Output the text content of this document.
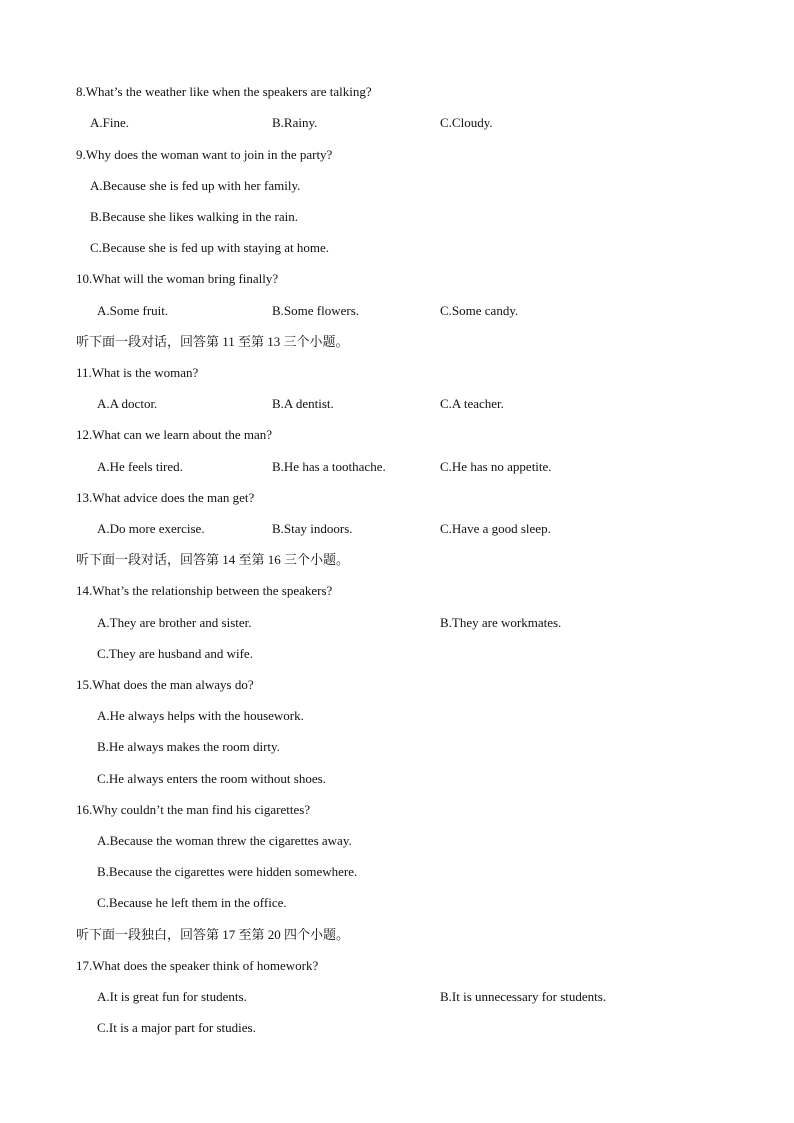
8.What’s the weather like when the speakers are talking?
A.Fine.	B.Rainy.	C.Cloudy.
9.Why does the woman want to join in the party?
A.Because she is fed up with her family.
B.Because she likes walking in the rain.
C.Because she is fed up with staying at home.
10.What will the woman bring finally?
A.Some fruit.	B.Some flowers.	C.Some candy.
听下面一段对话，回答第 11 至第 13 三个小题。
11.What is the woman?
A.A doctor.	B.A dentist.	C.A teacher.
12.What can we learn about the man?
A.He feels tired.	B.He has a toothache.	C.He has no appetite.
13.What advice does the man get?
A.Do more exercise.	B.Stay indoors.	C.Have a good sleep.
听下面一段对话，回答第 14 至第 16 三个小题。
14.What’s the relationship between the speakers?
A.They are brother and sister.	B.They are workmates.
C.They are husband and wife.
15.What does the man always do?
A.He always helps with the housework.
B.He always makes the room dirty.
C.He always enters the room without shoes.
16.Why couldn’t the man find his cigarettes?
A.Because the woman threw the cigarettes away.
B.Because the cigarettes were hidden somewhere.
C.Because he left them in the office.
听下面一段独白，回答第 17 至第 20 四个小题。
17.What does the speaker think of homework?
A.It is great fun for students.	B.It is unnecessary for students.
C.It is a major part for studies.
